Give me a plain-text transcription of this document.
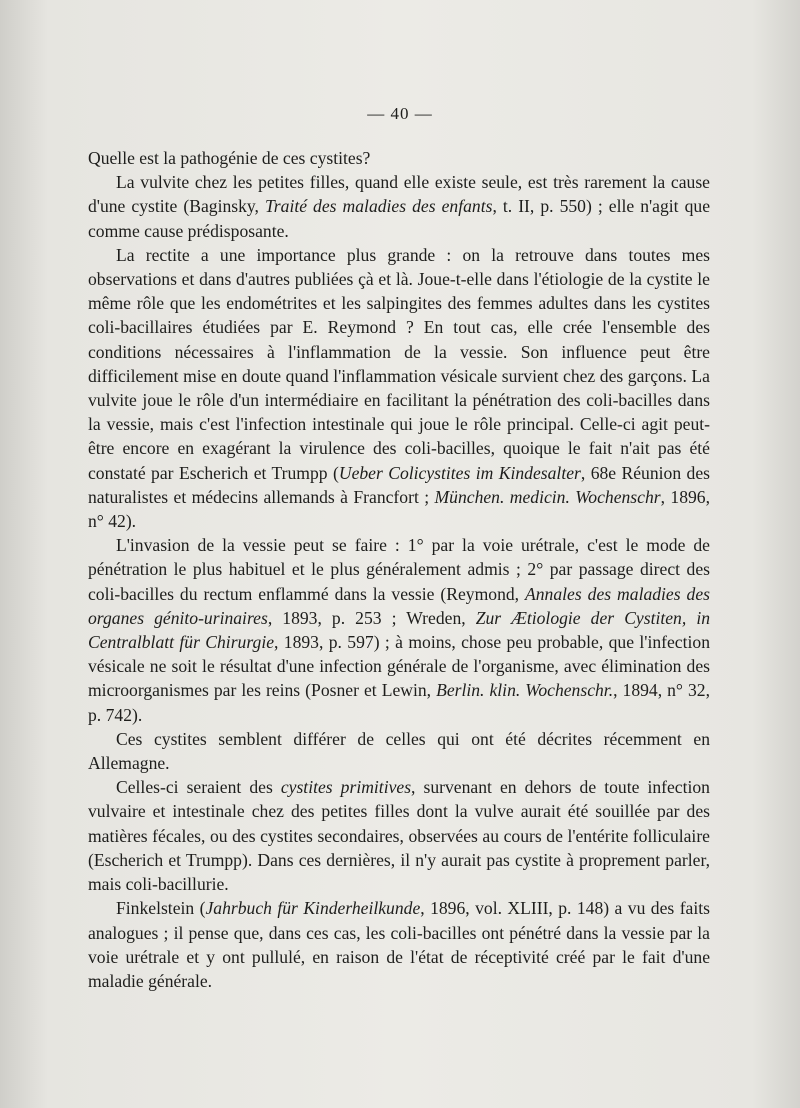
— 40 —

Quelle est la pathogénie de ces cystites?

La vulvite chez les petites filles, quand elle existe seule, est très rarement la cause d'une cystite (Baginsky, Traité des maladies des enfants, t. II, p. 550) ; elle n'agit que comme cause prédisposante.

La rectite a une importance plus grande : on la retrouve dans toutes mes observations et dans d'autres publiées çà et là. Joue-t-elle dans l'étiologie de la cystite le même rôle que les endométrites et les salpingites des femmes adultes dans les cystites coli-bacillaires étudiées par E. Reymond ? En tout cas, elle crée l'ensemble des conditions nécessaires à l'inflammation de la vessie. Son influence peut être difficilement mise en doute quand l'inflammation vésicale survient chez des garçons. La vulvite joue le rôle d'un intermédiaire en facilitant la pénétration des coli-bacilles dans la vessie, mais c'est l'infection intestinale qui joue le rôle principal. Celle-ci agit peut-être encore en exagérant la virulence des coli-bacilles, quoique le fait n'ait pas été constaté par Escherich et Trumpp (Ueber Colicystites im Kindesalter, 68e Réunion des naturalistes et médecins allemands à Francfort ; München. medicin. Wochenschr, 1896, n° 42).

L'invasion de la vessie peut se faire : 1° par la voie urétrale, c'est le mode de pénétration le plus habituel et le plus généralement admis ; 2° par passage direct des coli-bacilles du rectum enflammé dans la vessie (Reymond, Annales des maladies des organes génito-urinaires, 1893, p. 253 ; Wreden, Zur Ætiologie der Cystiten, in Centralblatt für Chirurgie, 1893, p. 597) ; à moins, chose peu probable, que l'infection vésicale ne soit le résultat d'une infection générale de l'organisme, avec élimination des microorganismes par les reins (Posner et Lewin, Berlin. klin. Wochenschr., 1894, n° 32, p. 742).

Ces cystites semblent différer de celles qui ont été décrites récemment en Allemagne.

Celles-ci seraient des cystites primitives, survenant en dehors de toute infection vulvaire et intestinale chez des petites filles dont la vulve aurait été souillée par des matières fécales, ou des cystites secondaires, observées au cours de l'entérite folliculaire (Escherich et Trumpp). Dans ces dernières, il n'y aurait pas cystite à proprement parler, mais coli-bacillurie.

Finkelstein (Jahrbuch für Kinderheilkunde, 1896, vol. XLIII, p. 148) a vu des faits analogues ; il pense que, dans ces cas, les coli-bacilles ont pénétré dans la vessie par la voie urétrale et y ont pullulé, en raison de l'état de réceptivité créé par le fait d'une maladie générale.
